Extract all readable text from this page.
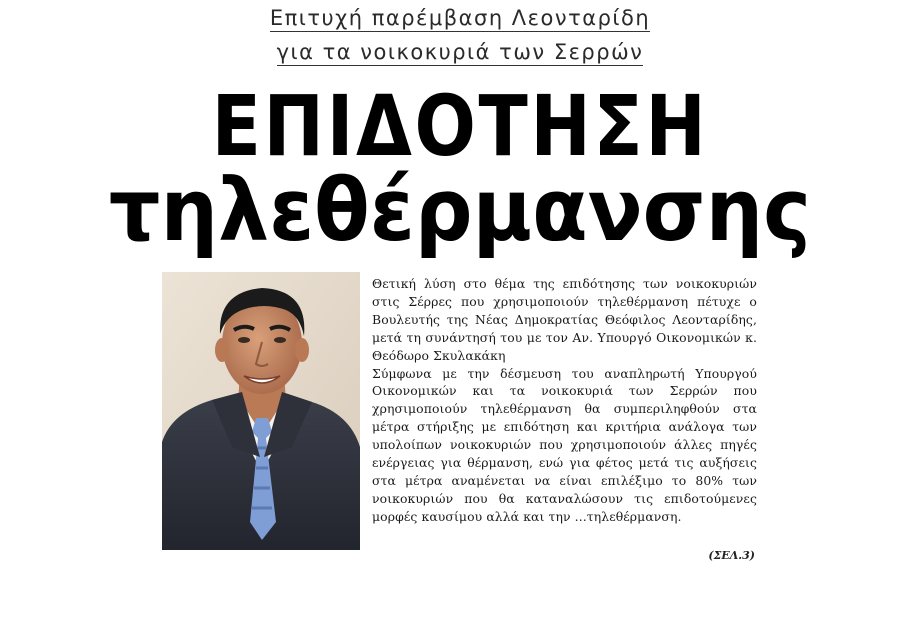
Επιτυχή παρέμβαση Λεονταρίδη
για τα νοικοκυριά των Σερρών
ΕΠΙΔΟΤΗΣΗ
τηλεθέρμανσης

Θετική λύση στο θέμα της επιδότησης των νοικοκυριών στις Σέρρες που χρησιμοποιούν τηλεθέρμανση πέτυχε ο Βουλευτής της Νέας Δημοκρατίας Θεόφιλος Λεονταρίδης, μετά τη συνάντησή του με τον Αν. Υπουργό Οικονομικών κ. Θεόδωρο Σκυλακάκη

Σύμφωνα με την δέσμευση του αναπληρωτή Υπουργού Οικονομικών και τα νοικοκυριά των Σερρών που χρησιμοποιούν τηλεθέρμανση θα συμπεριληφθούν στα μέτρα στήριξης με επιδότηση και κριτήρια ανάλογα των υπολοίπων νοικοκυριών που χρησιμοποιούν άλλες πηγές ενέργειας για θέρμανση, ενώ για φέτος μετά τις αυξήσεις στα μέτρα αναμένεται να είναι επιλέξιμο το 80% των νοικοκυριών που θα καταναλώσουν τις επιδοτούμενες μορφές καυσίμου αλλά και την ...τηλεθέρμανση.

(ΣΕΛ.3)
